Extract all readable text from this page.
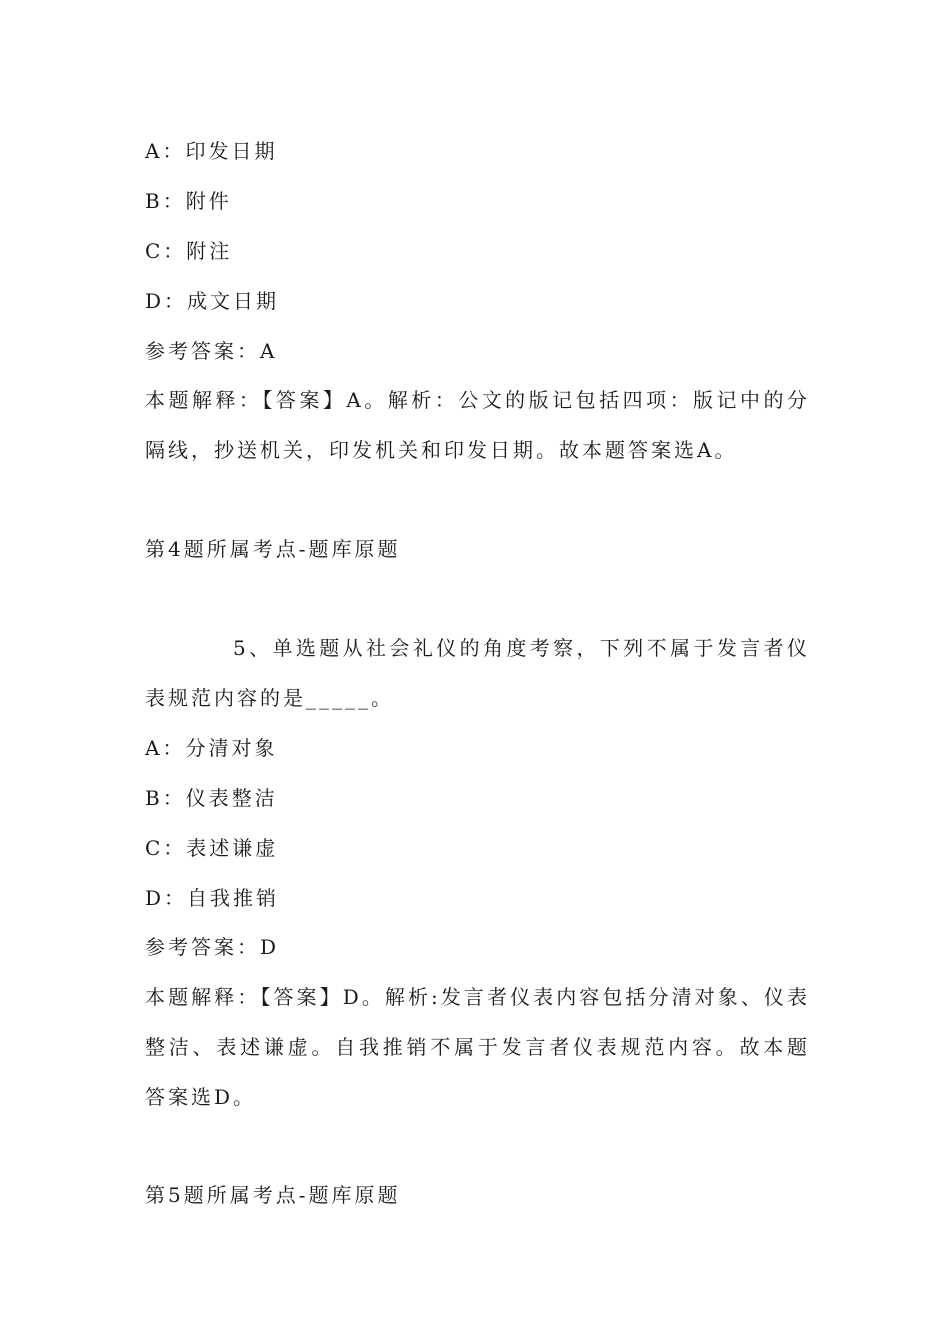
A：印发日期
B：附件
C：附注
D：成文日期
参考答案：A
本题解释：【答案】A。解析：公文的版记包括四项：版记中的分隔线，抄送机关，印发机关和印发日期。故本题答案选A。
第4题所属考点-题库原题
5、单选题从社会礼仪的角度考察，下列不属于发言者仪表规范内容的是_____。
A：分清对象
B：仪表整洁
C：表述谦虚
D：自我推销
参考答案：D
本题解释：【答案】D。解析:发言者仪表内容包括分清对象、仪表整洁、表述谦虚。自我推销不属于发言者仪表规范内容。故本题答案选D。
第5题所属考点-题库原题
